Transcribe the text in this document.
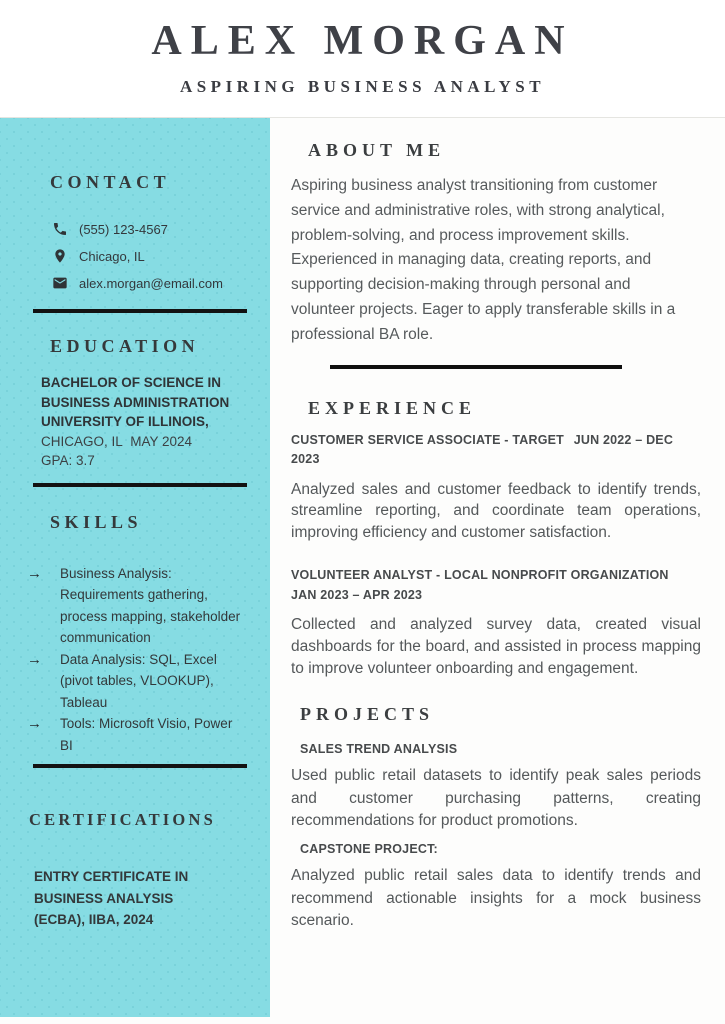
ALEX MORGAN
ASPIRING BUSINESS ANALYST
CONTACT
(555) 123-4567
Chicago, IL
alex.morgan@email.com
EDUCATION
BACHELOR OF SCIENCE IN
BUSINESS ADMINISTRATION
UNIVERSITY OF ILLINOIS,
CHICAGO, IL  MAY 2024
GPA: 3.7
SKILLS
→	Business Analysis: Requirements gathering, process mapping, stakeholder communication
→	Data Analysis: SQL, Excel (pivot tables, VLOOKUP), Tableau
→	Tools: Microsoft Visio, Power BI
CERTIFICATIONS
ENTRY CERTIFICATE IN BUSINESS ANALYSIS (ECBA), IIBA, 2024
ABOUT ME

Aspiring business analyst transitioning from customer service and administrative roles, with strong analytical, problem-solving, and process improvement skills. Experienced in managing data, creating reports, and supporting decision-making through personal and volunteer projects. Eager to apply transferable skills in a professional BA role.

EXPERIENCE
CUSTOMER SERVICE ASSOCIATE - TARGET JUN 2022 – DEC 2023

Analyzed sales and customer feedback to identify trends, streamline reporting, and coordinate team operations, improving efficiency and customer satisfaction.

VOLUNTEER ANALYST - LOCAL NONPROFIT ORGANIZATION JAN 2023 – APR 2023

Collected and analyzed survey data, created visual dashboards for the board, and assisted in process mapping to improve volunteer onboarding and engagement.

PROJECTS
SALES TREND ANALYSIS

Used public retail datasets to identify peak sales periods and customer purchasing patterns, creating recommendations for product promotions.

CAPSTONE PROJECT:

Analyzed public retail sales data to identify trends and recommend actionable insights for a mock business scenario.
